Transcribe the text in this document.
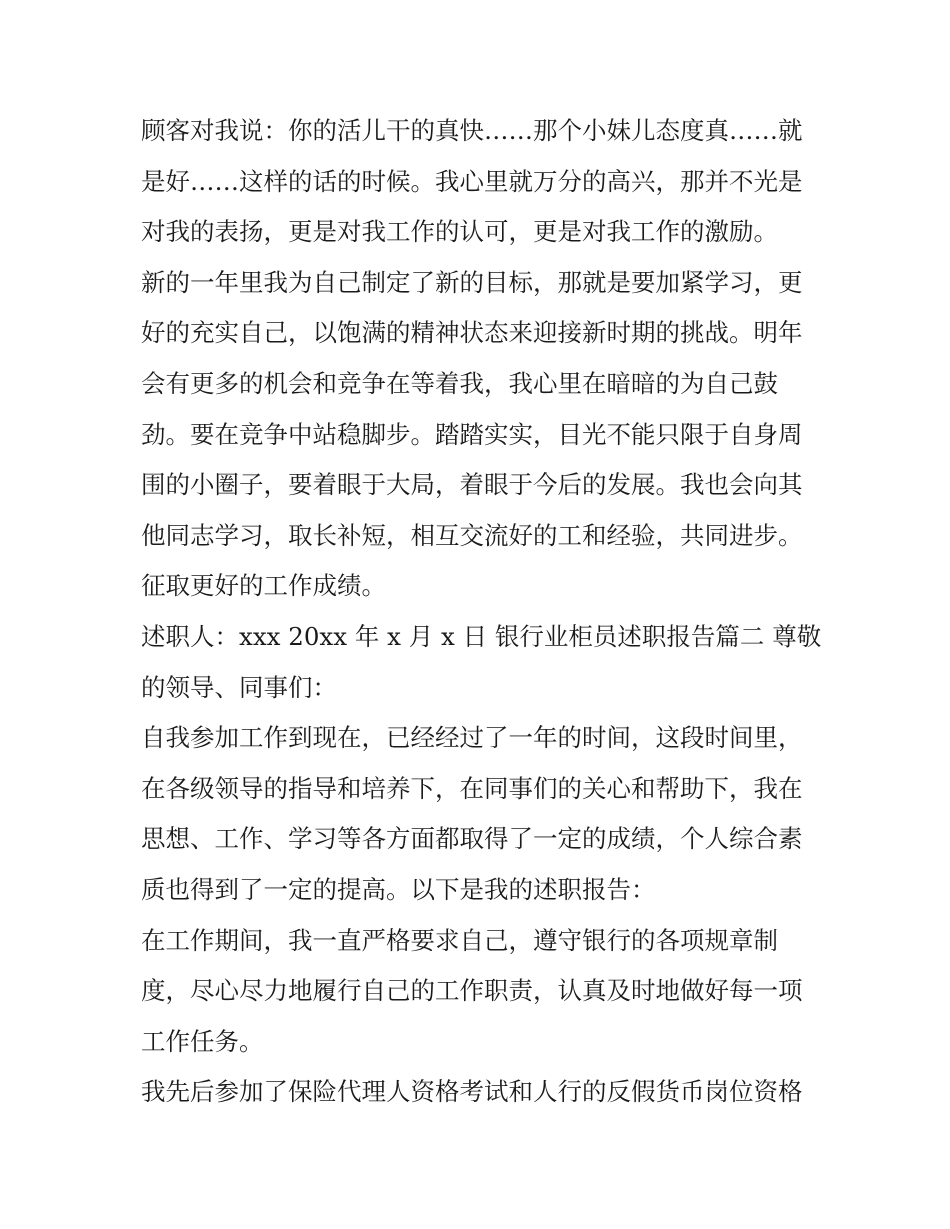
顾客对我说：你的活儿干的真快……那个小妹儿态度真……就
是好……这样的话的时候。我心里就万分的高兴，那并不光是
对我的表扬，更是对我工作的认可，更是对我工作的激励。
新的一年里我为自己制定了新的目标，那就是要加紧学习，更
好的充实自己，以饱满的精神状态来迎接新时期的挑战。明年
会有更多的机会和竞争在等着我，我心里在暗暗的为自己鼓
劲。要在竞争中站稳脚步。踏踏实实，目光不能只限于自身周
围的小圈子，要着眼于大局，着眼于今后的发展。我也会向其
他同志学习，取长补短，相互交流好的工和经验，共同进步。
征取更好的工作成绩。
述职人：xxx 20xx 年 x 月 x 日 银行业柜员述职报告篇二 尊敬
的领导、同事们：
自我参加工作到现在，已经经过了一年的时间，这段时间里，
在各级领导的指导和培养下，在同事们的关心和帮助下，我在
思想、工作、学习等各方面都取得了一定的成绩，个人综合素
质也得到了一定的提高。以下是我的述职报告：
在工作期间，我一直严格要求自己，遵守银行的各项规章制
度，尽心尽力地履行自己的工作职责，认真及时地做好每一项
工作任务。
我先后参加了保险代理人资格考试和人行的反假货币岗位资格
